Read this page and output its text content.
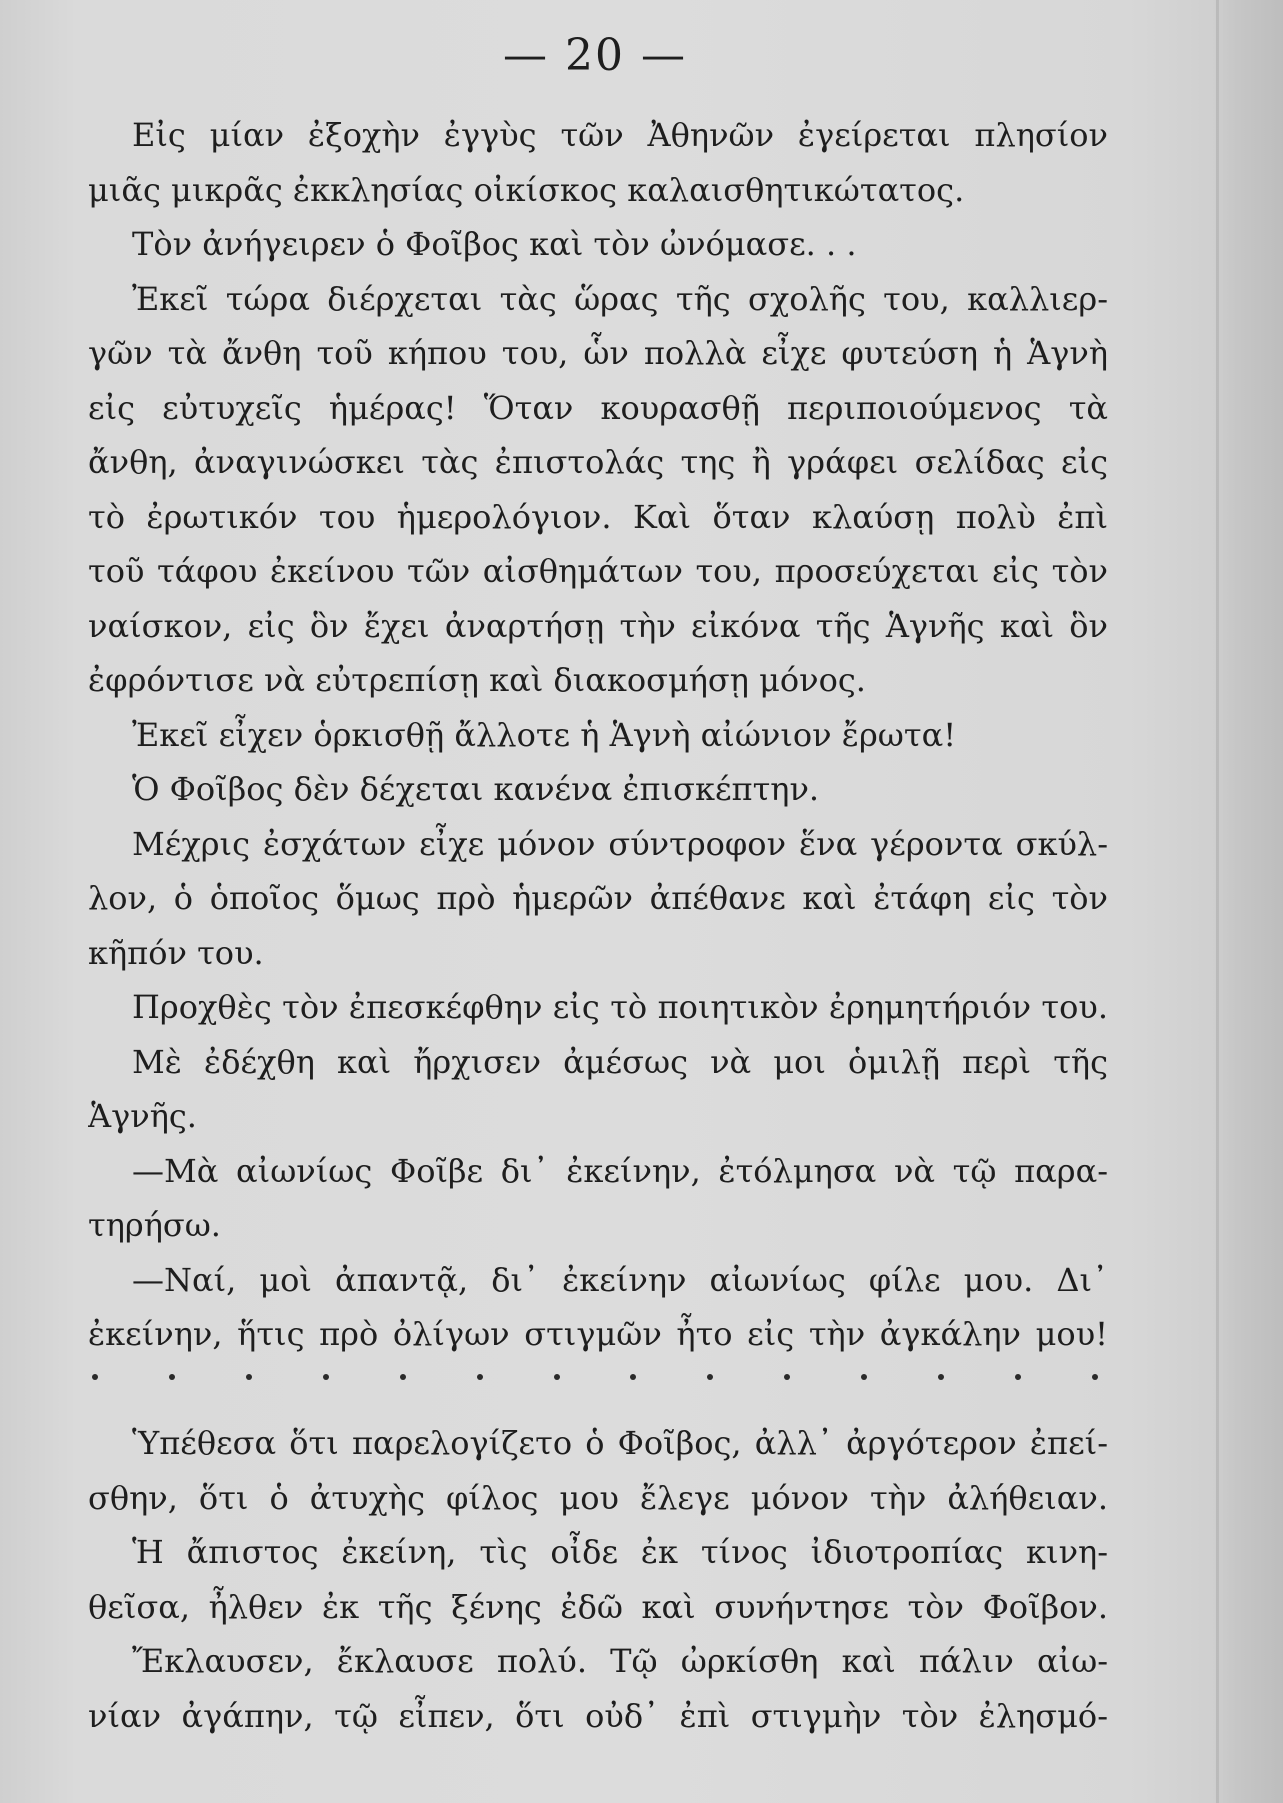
— 20 —
Εἰς μίαν ἐξοχὴν ἐγγὺς τῶν Ἀθηνῶν ἐγείρεται πλησίον
μιᾶς μικρᾶς ἐκκλησίας οἰκίσκος καλαισθητικώτατος.
Τὸν ἀνήγειρεν ὁ Φοῖβος καὶ τὸν ὠνόμασε. . .
Ἐκεῖ τώρα διέρχεται τὰς ὥρας τῆς σχολῆς του, καλλιερ-
γῶν τὰ ἄνθη τοῦ κήπου του, ὧν πολλὰ εἶχε φυτεύση ἡ Ἁγνὴ
εἰς εὐτυχεῖς ἡμέρας! Ὅταν κουρασθῇ περιποιούμενος τὰ
ἄνθη, ἀναγινώσκει τὰς ἐπιστολάς της ἢ γράφει σελίδας εἰς
τὸ ἐρωτικόν του ἡμερολόγιον. Καὶ ὅταν κλαύσῃ πολὺ ἐπὶ
τοῦ τάφου ἐκείνου τῶν αἰσθημάτων του, προσεύχεται εἰς τὸν
ναίσκον, εἰς ὃν ἔχει ἀναρτήσῃ τὴν εἰκόνα τῆς Ἁγνῆς καὶ ὃν
ἐφρόντισε νὰ εὐτρεπίσῃ καὶ διακοσμήσῃ μόνος.
Ἐκεῖ εἶχεν ὁρκισθῇ ἄλλοτε ἡ Ἁγνὴ αἰώνιον ἔρωτα!
Ὁ Φοῖβος δὲν δέχεται κανένα ἐπισκέπτην.
Μέχρις ἐσχάτων εἶχε μόνον σύντροφον ἕνα γέροντα σκύλ-
λον, ὁ ὁποῖος ὅμως πρὸ ἡμερῶν ἀπέθανε καὶ ἐτάφη εἰς τὸν
κῆπόν του.
Προχθὲς τὸν ἐπεσκέφθην εἰς τὸ ποιητικὸν ἐρημητήριόν του.
Μὲ ἐδέχθη καὶ ἤρχισεν ἀμέσως νὰ μοι ὁμιλῇ περὶ τῆς
Ἁγνῆς.
—Μὰ αἰωνίως Φοῖβε δι᾽ ἐκείνην, ἐτόλμησα νὰ τῷ παρα-
τηρήσω.
—Ναί, μοὶ ἀπαντᾷ, δι᾽ ἐκείνην αἰωνίως φίλε μου. Δι᾽
ἐκείνην, ἥτις πρὸ ὀλίγων στιγμῶν ἦτο εἰς τὴν ἀγκάλην μου!
Ὑπέθεσα ὅτι παρελογίζετο ὁ Φοῖβος, ἀλλ᾽ ἀργότερον ἐπεί-
σθην, ὅτι ὁ ἀτυχὴς φίλος μου ἔλεγε μόνον τὴν ἀλήθειαν.
Ἡ ἄπιστος ἐκείνη, τὶς οἶδε ἐκ τίνος ἰδιοτροπίας κινη-
θεῖσα, ἦλθεν ἐκ τῆς ξένης ἐδῶ καὶ συνήντησε τὸν Φοῖβον.
Ἔκλαυσεν, ἔκλαυσε πολύ. Τῷ ὠρκίσθη καὶ πάλιν αἰω-
νίαν ἀγάπην, τῷ εἶπεν, ὅτι οὐδ᾽ ἐπὶ στιγμὴν τὸν ἐλησμό-
